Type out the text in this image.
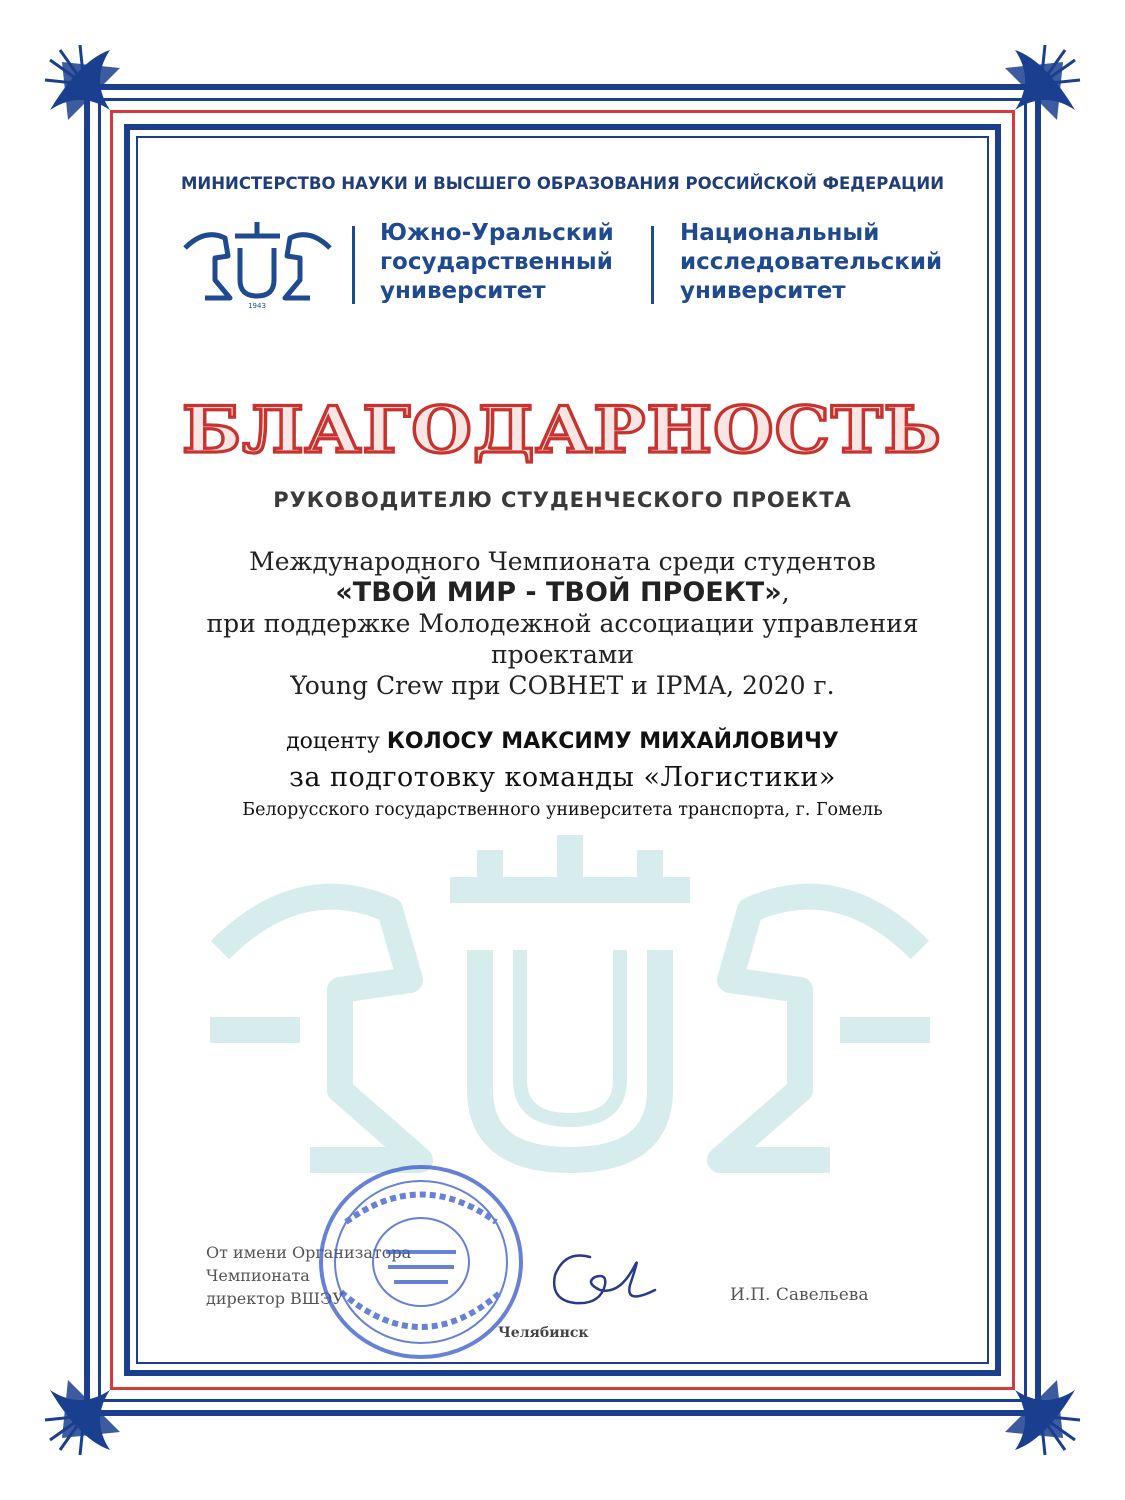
МИНИСТЕРСТВО НАУКИ И ВЫСШЕГО ОБРАЗОВАНИЯ РОССИЙСКОЙ ФЕДЕРАЦИИ
1943
Южно-Уральский
государственный
университет
Национальный
исследовательский
университет
БЛАГОДАРНОСТЬ
РУКОВОДИТЕЛЮ СТУДЕНЧЕСКОГО ПРОЕКТА
Международного Чемпионата среди студентов
«ТВОЙ МИР - ТВОЙ ПРОЕКТ»,
при поддержке Молодежной ассоциации управления
проектами
Young Crew при СОВНЕТ и IPMA, 2020 г.
доценту КОЛОСУ МАКСИМУ МИХАЙЛОВИЧУ
за подготовку команды «Логистики»
Белорусского государственного университета транспорта, г. Гомель
От имени Организатора
Чемпионата
директор ВШЭУ
Челябинск
И.П. Савельева
